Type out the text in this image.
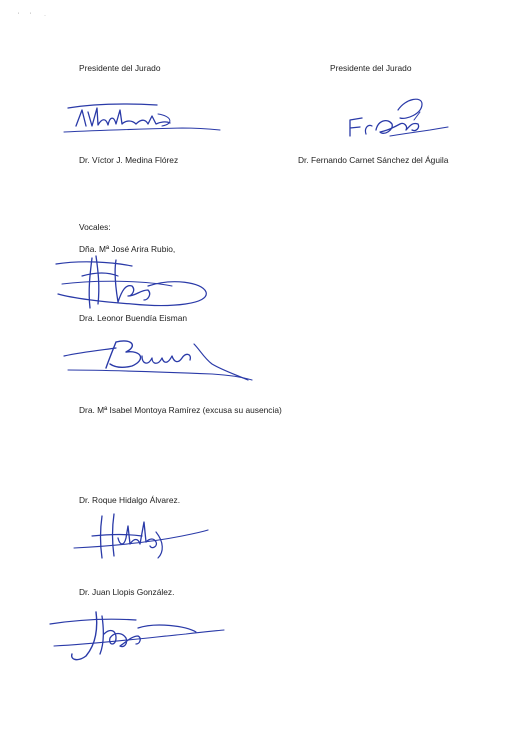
' ' ·
Presidente del Jurado
Dr. Víctor J. Medina Flórez
Presidente del Jurado
Dr. Fernando Carnet Sánchez del Águila
Vocales:
Dña. Mª José Arira Rubio,
Dra. Leonor Buendía Eisman
Dra. Mª Isabel Montoya Ramírez (excusa su ausencia)
Dr. Roque Hidalgo Álvarez.
Dr. Juan Llopis González.
